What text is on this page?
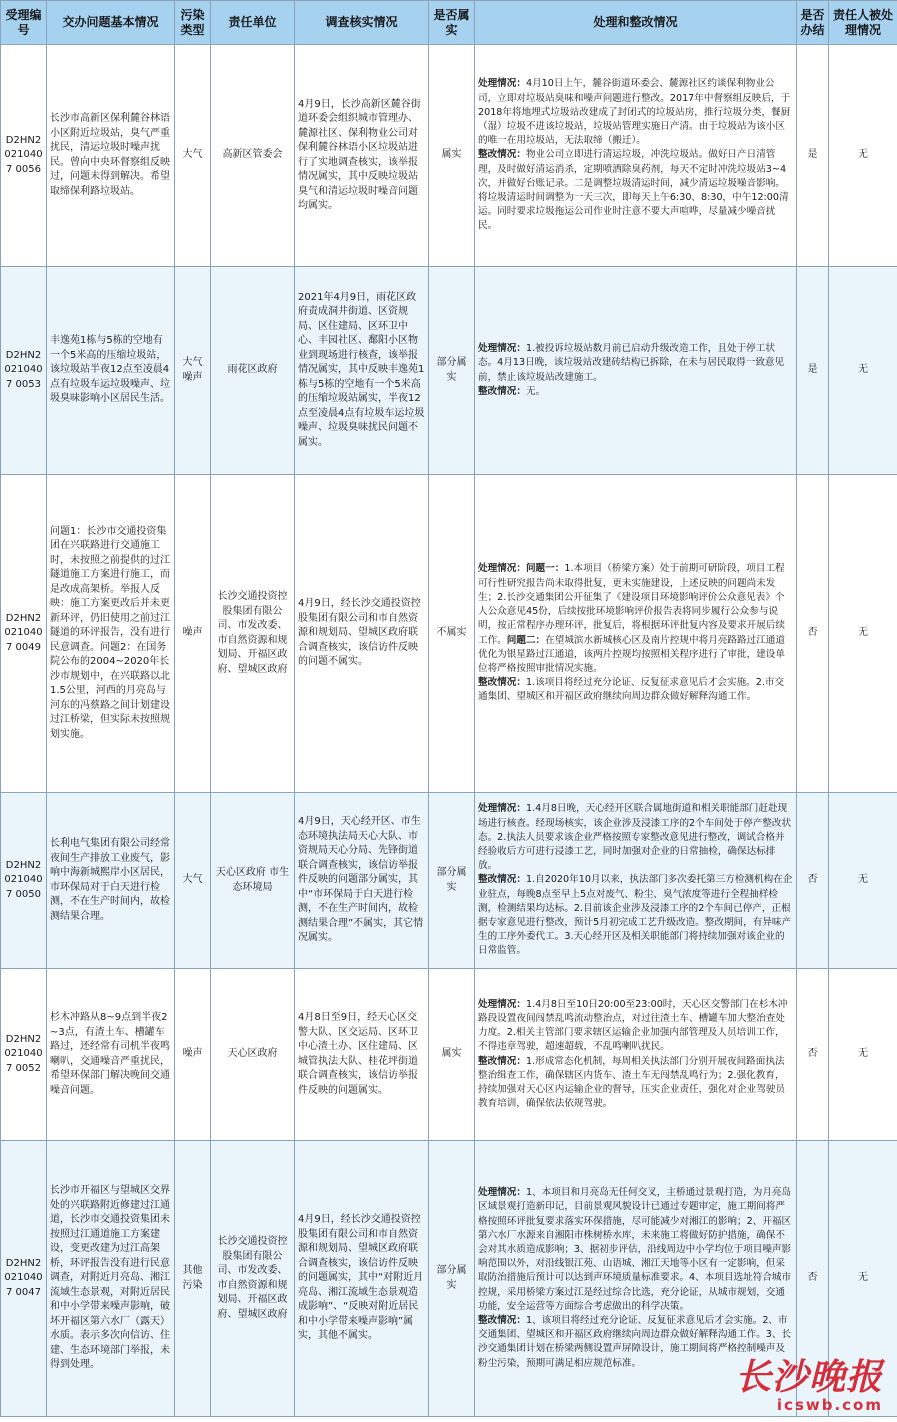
受理编号	交办问题基本情况	污染类型	责任单位	调查核实情况	是否属实	处理和整改情况	是否办结	责任人被处理情况
D2HN20210407 0056	长沙市高新区保利麓谷林语小区附近垃圾站，臭气严重扰民，清运垃圾时噪声扰民。曾向中央环督察组反映过，问题未得到解决。希望取缔保利路垃圾站。	大气	高新区管委会	4月9日，长沙高新区麓谷街道环委会组织城市管理办、麓源社区、保利物业公司对保利麓谷林语小区垃圾站进行了实地调查核实，该举报情况属实，其中反映垃圾站臭气和清运垃圾时噪音问题均属实。	属实	处理情况：4月10日上午，麓谷街道环委会、麓源社区约谈保利物业公司，立即对垃圾站臭味和噪声问题进行整改。2017年中督察组反映后，于2018年将地埋式垃圾站改建成了封闭式的垃圾站房，推行垃圾分类，餐厨（湿）垃圾不进该垃圾站，垃圾站管理实施日产清。由于垃圾站为该小区的唯一在用垃圾站，无法取缔（搬迁）。
整改情况：物业公司立即进行清运垃圾，冲洗垃圾站。做好日产日清管理，及时做好清运消杀，定期喷洒除臭药剂，每天不定时冲洗垃圾站3~4次，并做好台账记录。二是调整垃圾清运时间，减少清运垃圾噪音影响。将垃圾清运时间调整为一天三次，即每天上午6:30、8:30，中午12:00清运。同时要求垃圾拖运公司作业时注意不要大声喧哗，尽量减少噪音扰民。	是	无
D2HN20210407 0053	丰逸苑1栋与5栋的空地有一个5米高的压缩垃圾站，该垃圾站半夜12点至凌晨4点有垃圾车运垃圾噪声、垃圾臭味影响小区居民生活。	大气 噪声	雨花区政府	2021年4月9日，雨花区政府责成洞井街道、区资规局、区住建局、区环卫中心、丰园社区、鄱阳小区物业到现场进行核查，该举报情况属实，其中反映丰逸苑1栋与5栋的空地有一个5米高的压缩垃圾站属实，半夜12点至凌晨4点有垃圾车运垃圾噪声、垃圾臭味扰民问题不属实。	部分属实	处理情况：1.被投诉垃圾站数月前已启动升级改造工作，且处于停工状态。4月13日晚，该垃圾站改建砖结构已拆除，在未与居民取得一致意见前，禁止该垃圾站改建施工。
整改情况：无。	是	无
D2HN20210407 0049	问题1：长沙市交通投资集团在兴联路进行交通施工时，未按照之前提供的过江隧道施工方案进行施工，而是改成高架桥。举报人反映：施工方案更改后并未更新环评，仍旧使用之前过江隧道的环评报告，没有进行民意调查。问题2：在国务院公布的2004~2020年长沙市规划中，在兴联路以北1.5公里，河西的月亮岛与河东的冯蔡路之间计划建设过江桥梁，但实际未按照规划实施。	噪声	长沙交通投资控股集团有限公司、市发改委、市自然资源和规划局、开福区政府、望城区政府	4月9日，经长沙交通投资控股集团有限公司和市自然资源和规划局、望城区政府联合调查核实，该信访件反映的问题不属实。	不属实	处理情况：问题一：1.本项目（桥梁方案）处于前期可研阶段，项目工程可行性研究报告尚未取得批复，更未实施建设，上述反映的问题尚未发生；2.长沙交通集团公开征集了《建设项目环境影响评价公众意见表》个人公众意见45份，后续按批环境影响评价报告表将同步履行公众参与说明，按正常程序办理环评，批复后，将根据环评批复内容及要求开展后续工作。问题二：在望城滨水新城核心区及南片控规中将月亮路路过江通道优化为银星路过江通道，该两片控规均按照相关程序进行了审批，建设单位将严格按照审批情况实施。
整改情况：1.该项目将经过充分论证、反复征求意见后才会实施。2.市交通集团、望城区和开福区政府继续向周边群众做好解释沟通工作。	否	无
D2HN20210407 0050	长利电气集团有限公司经常夜间生产排放工业废气，影响中海新城熙岸小区居民，市环保局对于白天进行检测，不在生产时间内，故检测结果合理。	大气	天心区政府 市生态环境局	4月9日，天心经开区、市生态环境执法局天心大队、市资规局天心分局、先锋街道联合调查核实，该信访举报件反映的问题部分属实，其中“市环保局于白天进行检测，不在生产时间内，故检测结果合理”不属实，其它情况属实。	部分属实	处理情况：1.4月8日晚，天心经开区联合属地街道和相关职能部门赶赴现场进行核查。经现场核实，该企业涉及浸漆工序的2个车间处于停产整改状态。2.执法人员要求该企业严格按照专家整改意见进行整改，调试合格并经验收后方可进行浸漆工艺，同时加强对企业的日常抽检，确保达标排放。
整改情况：1.自2020年10月以来，执法部门多次委托第三方检测机构在企业驻点，每晚8点至早上5点对废气、粉尘、臭气浓度等进行全程抽样检测，检测结果均达标。2.目前该企业涉及浸漆工序的2个车间已停产，正根据专家意见进行整改，预计5月初完成工艺升级改造。整改期间，有异味产生的工序外委代工。3.天心经开区及相关职能部门将持续加强对该企业的日常监管。	否	无
D2HN20210407 0052	杉木冲路从8~9点到半夜2~3点，有渣土车、槽罐车路过，还经常有司机半夜鸣喇叭，交通噪音严重扰民，希望环保部门解决晚间交通噪音问题。	噪声	天心区政府	4月8日至9日，经天心区交警大队、区交运局、区环卫中心渣土办、区住建局、区城管执法大队、桂花坪街道联合调查核实，该信访举报件反映的问题属实。	属实	处理情况：1.4月8日至10日20:00至23:00时，天心区交警部门在杉木冲路段设置夜间闯禁乱鸣流动整治点，对过往渣土车、槽罐车加大整治查处力度。2.相关主管部门要求辖区运输企业加强内部管理及人员培训工作，不得违章驾驶，超速超载，不乱鸣喇叭扰民。
整改情况：1.形成常态化机制，每周相关执法部门分别开展夜间路面执法整治缉查工作，确保辖区内货车、渣土车无闯禁乱鸣行为；2.强化教育，持续加强对天心区内运输企业的督导，压实企业责任，强化对企业驾驶员教育培训，确保依法依规驾驶。	否	无
D2HN20210407 0047	长沙市开福区与望城区交界处的兴联路附近修建过江通道，长沙市交通投资集团未按照过江通道施工方案建设，变更改建为过江高架桥，环评报告没有进行民意调查，对附近月亮岛、湘江流域生态景观，对附近居民和中小学带来噪声影响，破坏开福区第六水厂（露天）水质。表示多次向信访、住建、生态环境部门举报，未得到处理。	其他 污染	长沙交通投资控股集团有限公司、市发改委、市自然资源和规划局、开福区政府、望城区政府	4月9日，经长沙交通投资控股集团有限公司和市自然资源和规划局、望城区政府联合调查核实，该信访件反映的问题属实，其中“对附近月亮岛、湘江流域生态景观造成影响”、“反映对附近居民和中小学带来噪声影响”属实，其他不属实。	部分属实	处理情况：1、本项目和月亮岛无任何交叉，主桥通过景观打造，为月亮岛区域景观打造新印记，目前景观风貌设计已通过专题审定，施工期间将严格按照环评批复要求落实环保措施，尽可能减少对湘江的影响；2、开福区第六水厂水源来自湘阳市株树桥水库，未来施工将做好防护措施，确保不会对其水质造成影响；3、据初步评估，沿线周边中小学均位于项目噪声影响范围以外，对沿线银江苑、山语城、湘江天地等小区有一定影响，但采取防治措施后预计可以达到声环境质量标准要求。4、本项目选址符合城市控规，采用桥梁方案过江是经过综合比选，充分论证，从城市规划，交通功能，安全运营等方面综合考虑做出的科学决策。
整改情况：1、该项目将经过充分论证、反复征求意见后才会实施。2、市交通集团、望城区和开福区政府继续向周边群众做好解释沟通工作。3、长沙交通集团计划在桥梁两侧设置声屏障设计，施工期间将严格控制噪声及粉尘污染，预期可满足相应规范标准。	否	无
长沙晚报
icswb.com
